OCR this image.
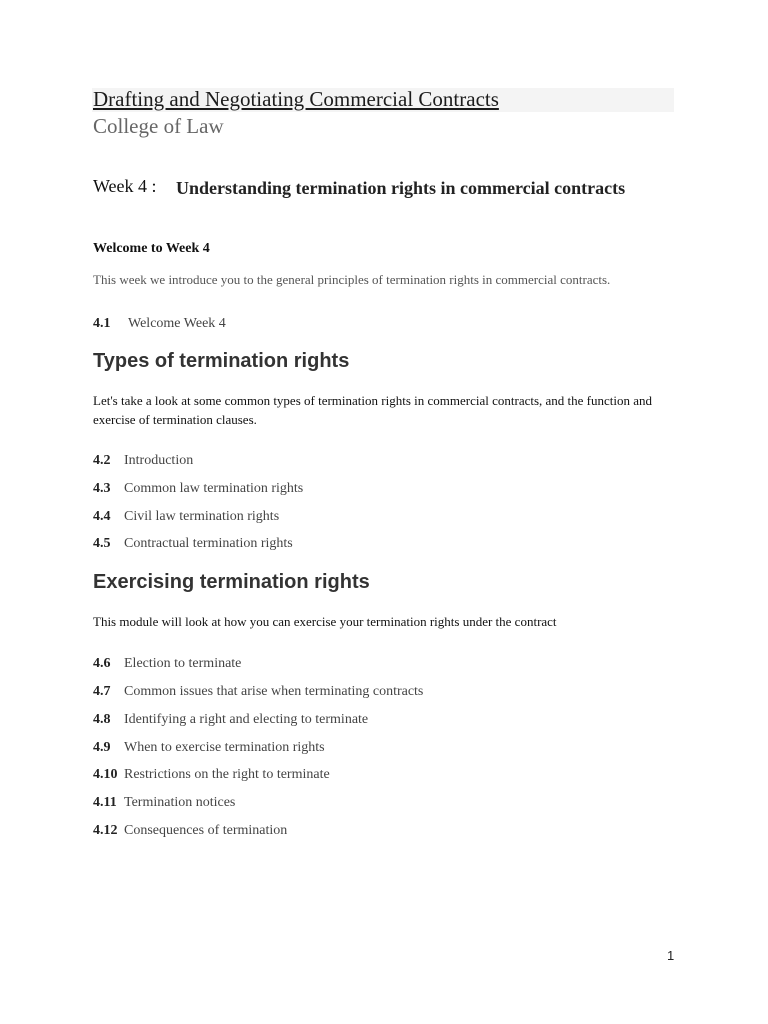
Drafting and Negotiating Commercial Contracts
College of Law
Week 4 : Understanding termination rights in commercial contracts
Welcome to Week 4

This week we introduce you to the general principles of termination rights in commercial contracts.

4.1 Welcome Week 4
Types of termination rights

Let's take a look at some common types of termination rights in commercial contracts, and the function and exercise of termination clauses.

4.2 Introduction
4.3 Common law termination rights
4.4 Civil law termination rights
4.5 Contractual termination rights
Exercising termination rights

This module will look at how you can exercise your termination rights under the contract

4.6 Election to terminate
4.7 Common issues that arise when terminating contracts
4.8 Identifying a right and electing to terminate
4.9 When to exercise termination rights
4.10 Restrictions on the right to terminate
4.11 Termination notices
4.12 Consequences of termination
1
